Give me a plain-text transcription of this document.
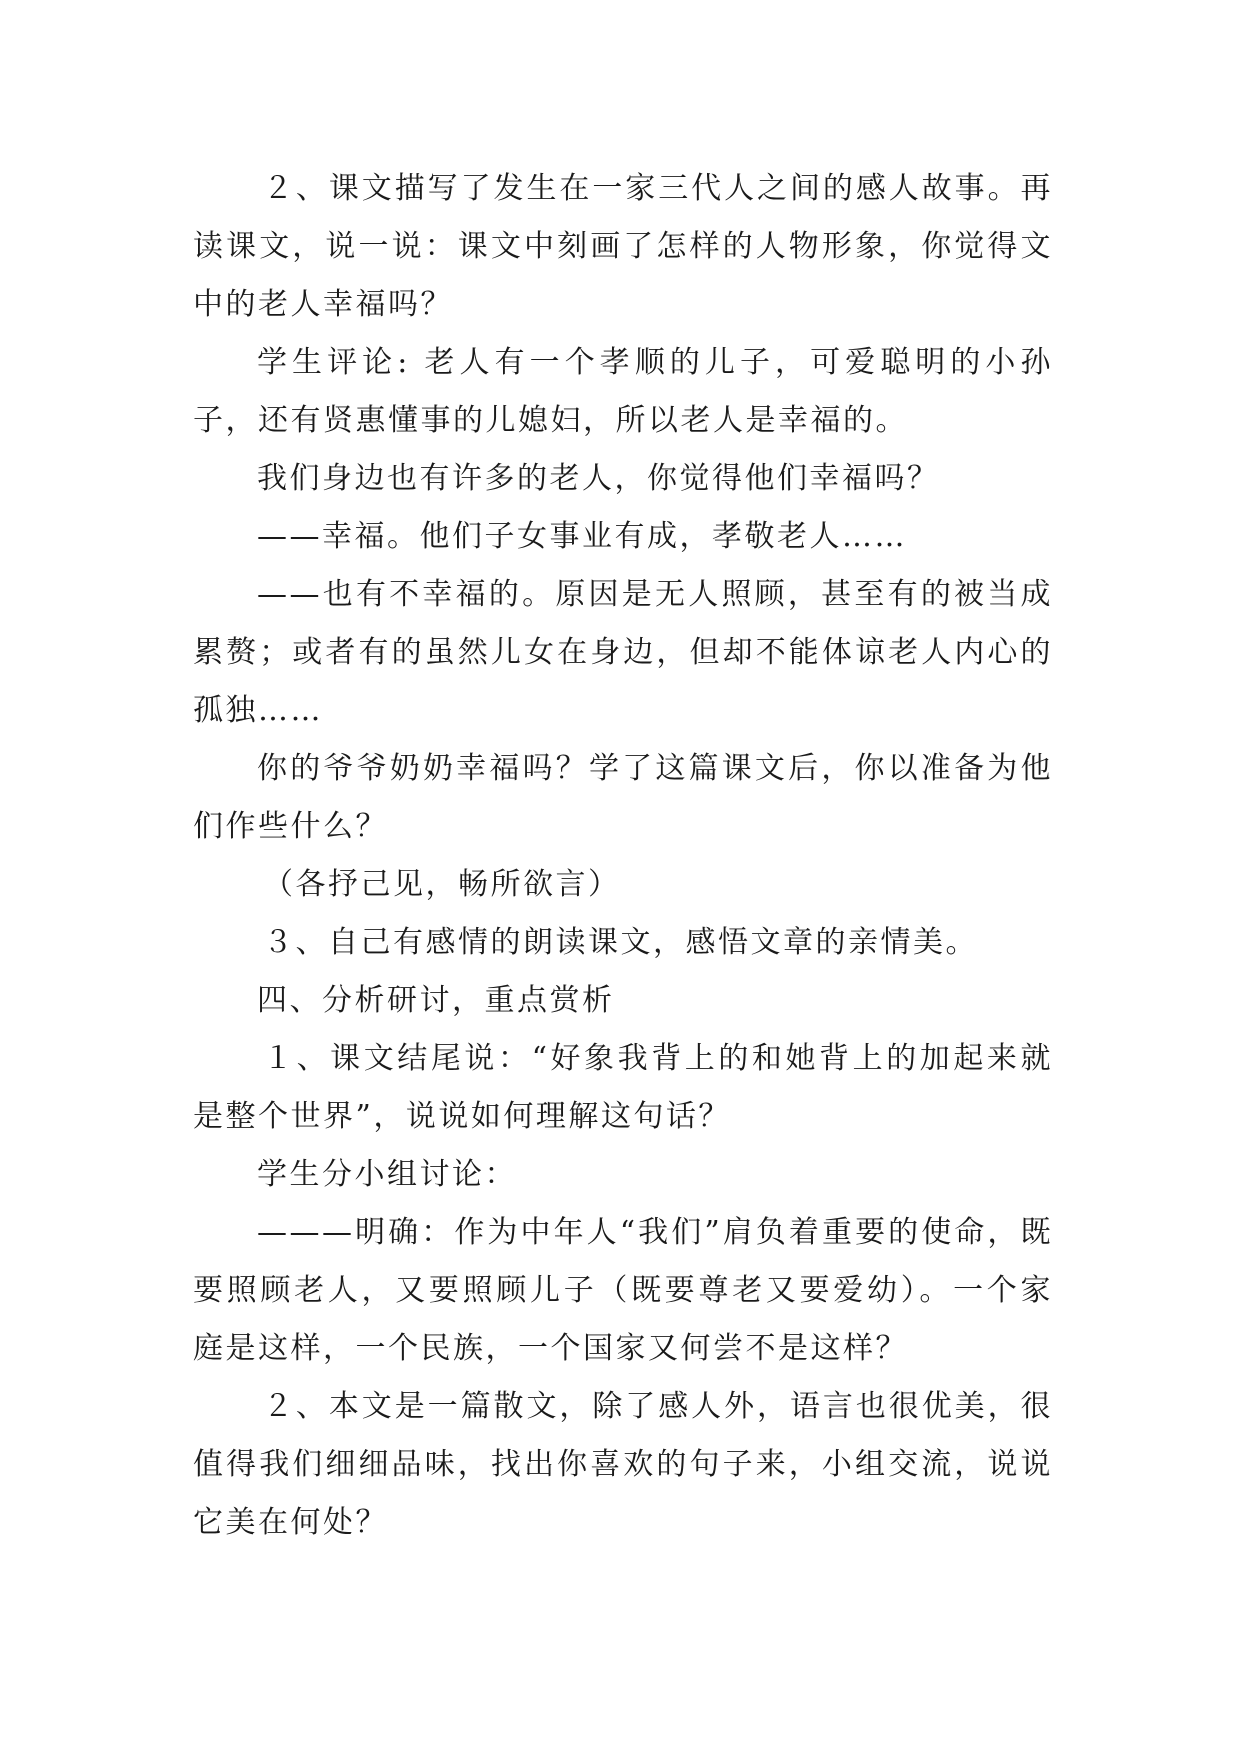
２、课文描写了发生在一家三代人之间的感人故事。再读课文，说一说：课文中刻画了怎样的人物形象，你觉得文中的老人幸福吗？

学生评论: 老人有一个孝顺的儿子，可爱聪明的小孙子，还有贤惠懂事的儿媳妇，所以老人是幸福的。

我们身边也有许多的老人，你觉得他们幸福吗？

——幸福。他们子女事业有成，孝敬老人……

——也有不幸福的。原因是无人照顾，甚至有的被当成累赘；或者有的虽然儿女在身边，但却不能体谅老人内心的孤独……

你的爷爷奶奶幸福吗？学了这篇课文后，你以准备为他们作些什么？

（各抒己见，畅所欲言）

３、自己有感情的朗读课文，感悟文章的亲情美。

四、分析研讨，重点赏析

１、课文结尾说：“好象我背上的和她背上的加起来就是整个世界”，说说如何理解这句话？

学生分小组讨论：

———明确：作为中年人“我们”肩负着重要的使命，既要照顾老人，又要照顾儿子（既要尊老又要爱幼）。一个家庭是这样，一个民族，一个国家又何尝不是这样？

２、本文是一篇散文，除了感人外，语言也很优美，很值得我们细细品味，找出你喜欢的句子来，小组交流，说说它美在何处？
